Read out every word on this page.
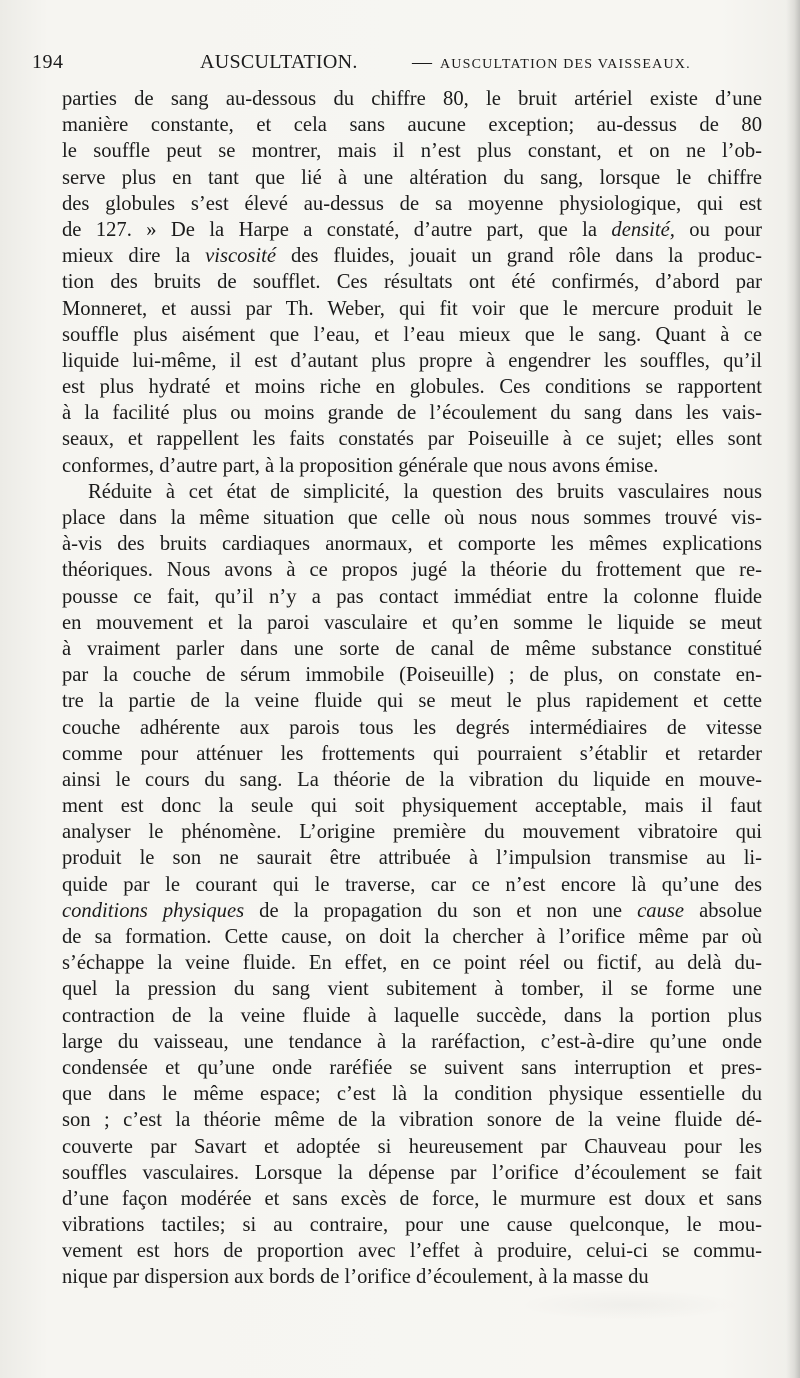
194	AUSCULTATION.	— AUSCULTATION DES VAISSEAUX.
parties de sang au-dessous du chiffre 80, le bruit artériel existe d’une
manière constante, et cela sans aucune exception; au-dessus de 80
le souffle peut se montrer, mais il n’est plus constant, et on ne l’ob-
serve plus en tant que lié à une altération du sang, lorsque le chiffre
des globules s’est élevé au-dessus de sa moyenne physiologique, qui est
de 127. » De la Harpe a constaté, d’autre part, que la densité, ou pour
mieux dire la viscosité des fluides, jouait un grand rôle dans la produc-
tion des bruits de soufflet. Ces résultats ont été confirmés, d’abord par
Monneret, et aussi par Th. Weber, qui fit voir que le mercure produit le
souffle plus aisément que l’eau, et l’eau mieux que le sang. Quant à ce
liquide lui-même, il est d’autant plus propre à engendrer les souffles, qu’il
est plus hydraté et moins riche en globules. Ces conditions se rapportent
à la facilité plus ou moins grande de l’écoulement du sang dans les vais-
seaux, et rappellent les faits constatés par Poiseuille à ce sujet; elles sont
conformes, d’autre part, à la proposition générale que nous avons émise.
Réduite à cet état de simplicité, la question des bruits vasculaires nous
place dans la même situation que celle où nous nous sommes trouvé vis-
à-vis des bruits cardiaques anormaux, et comporte les mêmes explications
théoriques. Nous avons à ce propos jugé la théorie du frottement que re-
pousse ce fait, qu’il n’y a pas contact immédiat entre la colonne fluide
en mouvement et la paroi vasculaire et qu’en somme le liquide se meut
à vraiment parler dans une sorte de canal de même substance constitué
par la couche de sérum immobile (Poiseuille) ; de plus, on constate en-
tre la partie de la veine fluide qui se meut le plus rapidement et cette
couche adhérente aux parois tous les degrés intermédiaires de vitesse
comme pour atténuer les frottements qui pourraient s’établir et retarder
ainsi le cours du sang. La théorie de la vibration du liquide en mouve-
ment est donc la seule qui soit physiquement acceptable, mais il faut
analyser le phénomène. L’origine première du mouvement vibratoire qui
produit le son ne saurait être attribuée à l’impulsion transmise au li-
quide par le courant qui le traverse, car ce n’est encore là qu’une des
conditions physiques de la propagation du son et non une cause absolue
de sa formation. Cette cause, on doit la chercher à l’orifice même par où
s’échappe la veine fluide. En effet, en ce point réel ou fictif, au delà du-
quel la pression du sang vient subitement à tomber, il se forme une
contraction de la veine fluide à laquelle succède, dans la portion plus
large du vaisseau, une tendance à la raréfaction, c’est-à-dire qu’une onde
condensée et qu’une onde raréfiée se suivent sans interruption et pres-
que dans le même espace; c’est là la condition physique essentielle du
son ; c’est la théorie même de la vibration sonore de la veine fluide dé-
couverte par Savart et adoptée si heureusement par Chauveau pour les
souffles vasculaires. Lorsque la dépense par l’orifice d’écoulement se fait
d’une façon modérée et sans excès de force, le murmure est doux et sans
vibrations tactiles; si au contraire, pour une cause quelconque, le mou-
vement est hors de proportion avec l’effet à produire, celui-ci se commu-
nique par dispersion aux bords de l’orifice d’écoulement, à la masse du
